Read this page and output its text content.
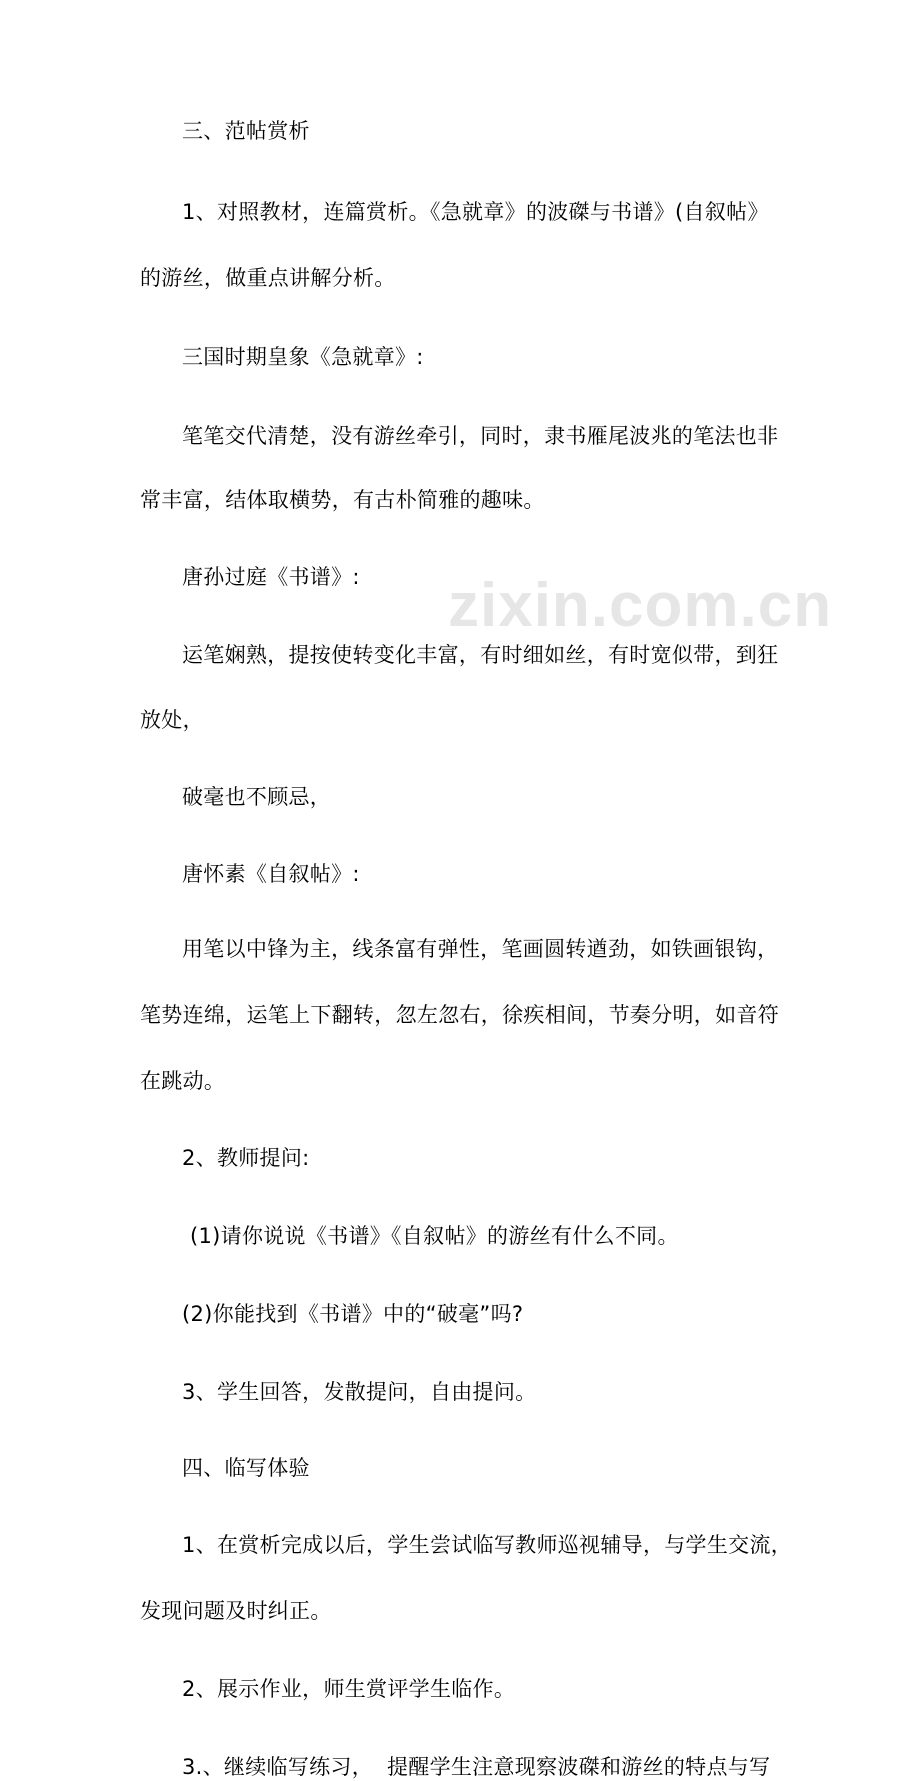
zixin.com.cn
三、范帖赏析
1、对照教材，连篇赏析。《急就章》的波磔与书谱》(自叙帖》
的游丝，做重点讲解分析。
三国时期皇象《急就章》:
笔笔交代清楚，没有游丝牵引，同时，隶书雁尾波兆的笔法也非
常丰富，结体取横势，有古朴简雅的趣味。
唐孙过庭《书谱》:
运笔娴熟，提按使转变化丰富，有时细如丝，有时宽似带，到狂
放处，
破毫也不顾忌，
唐怀素《自叙帖》:
用笔以中锋为主，线条富有弹性，笔画圆转遒劲，如铁画银钩，
笔势连绵，运笔上下翻转，忽左忽右，徐疾相间，节奏分明，如音符
在跳动。
2、教师提问:
(1)请你说说《书谱》《自叙帖》的游丝有什么不同。
(2)你能找到《书谱》中的“破毫”吗?
3、学生回答，发散提问，自由提问。
四、临写体验
1、在赏析完成以后，学生尝试临写教师巡视辅导，与学生交流，
发现问题及时纠正。
2、展示作业，师生赏评学生临作。
3.、继续临写练习，  提醒学生注意现察波磔和游丝的特点与写
